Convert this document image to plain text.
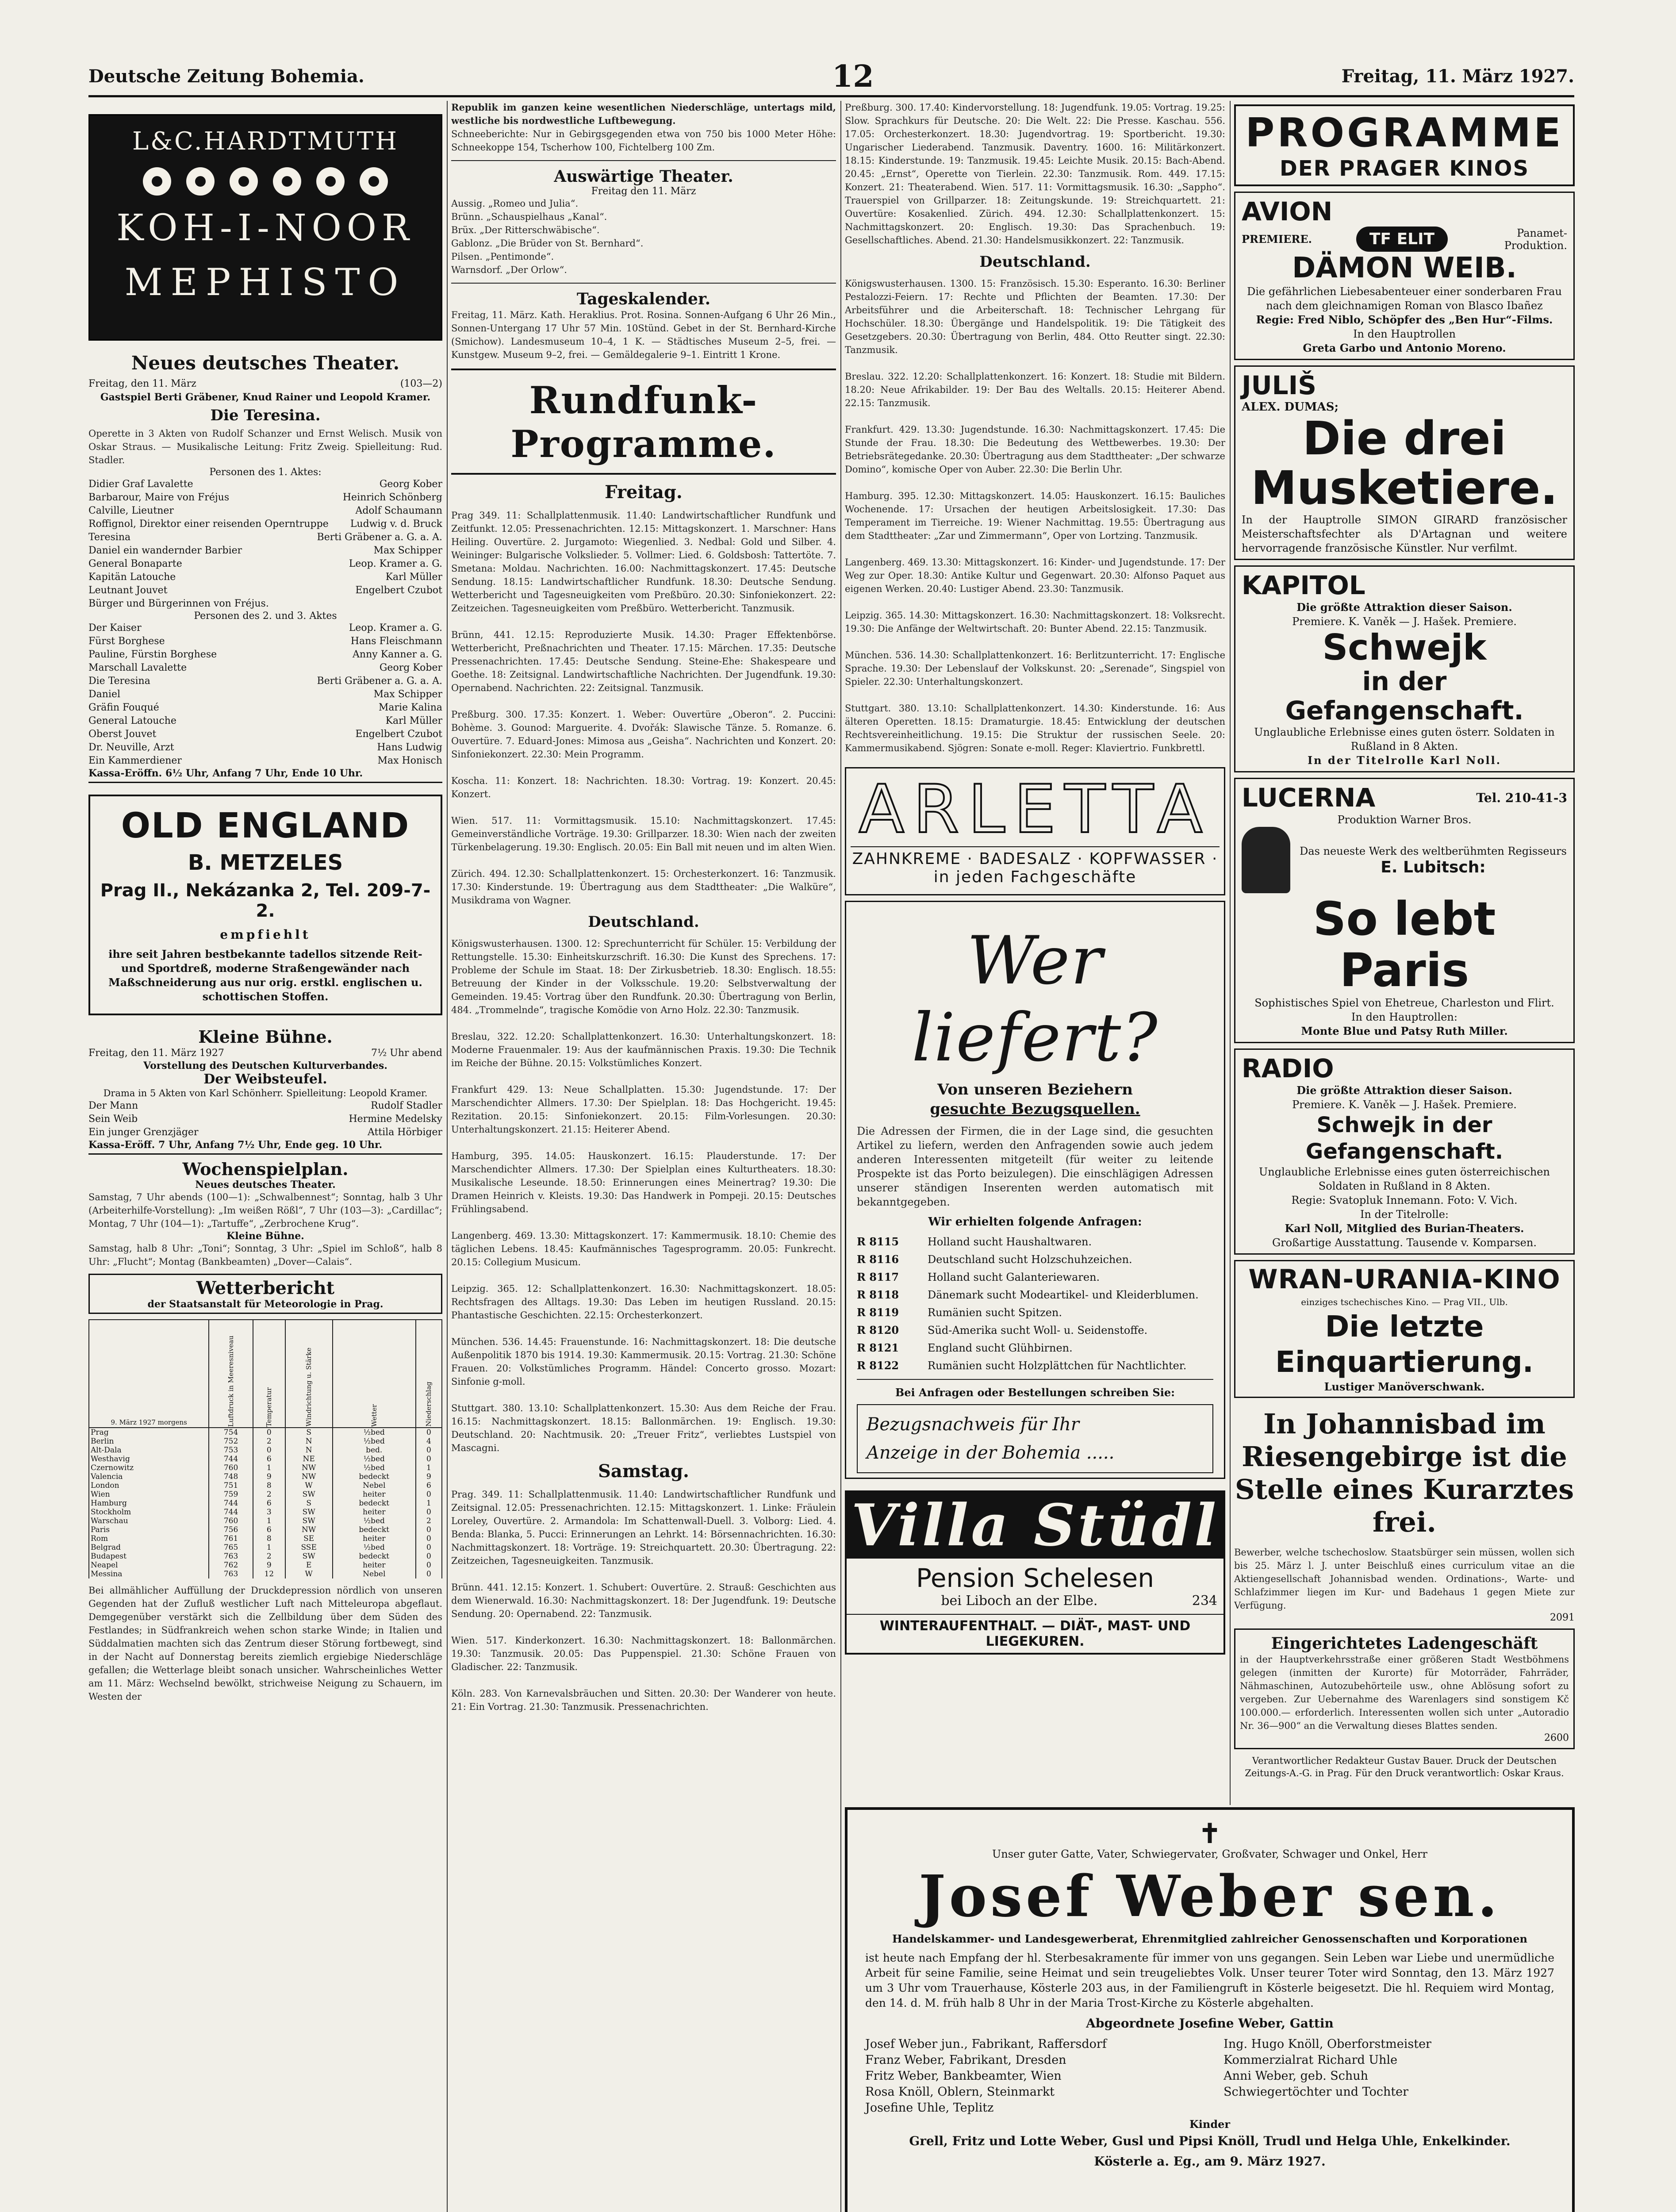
Deutsche Zeitung Bohemia.	12	Freitag, 11. März 1927.
L&C.HARDTMUTH
KOH-I-NOOR
MEPHISTO
Neues deutsches Theater.
Freitag, den 11. März	(103—2)
Gastspiel Berti Gräbener, Knud Rainer und Leopold Kramer.
Die Teresina.
Operette in 3 Akten von Rudolf Schanzer und Ernst Welisch. Musik von Oskar Straus. — Musikalische Leitung: Fritz Zweig. Spielleitung: Rud. Stadler.
Personen des 1. Aktes:
Didier Graf Lavalette	Georg Kober
Barbarour, Maire von Fréjus	Heinrich Schönberg
Calville, Lieutner	Adolf Schaumann
Roffignol, Direktor einer reisenden Operntruppe Ludwig v. d. Bruck
Teresina	Berti Gräbener a. G. a. A.
Daniel ein wandernder Barbier	Max Schipper
General Bonaparte	Leop. Kramer a. G.
Kapitän Latouche	Karl Müller
Leutnant Jouvet	Engelbert Czubot
Bürger und Bürgerinnen von Fréjus.
Personen des 2. und 3. Aktes
Der Kaiser	Leop. Kramer a. G.
Fürst Borghese	Hans Fleischmann
Pauline, Fürstin Borghese	Anny Kanner a. G.
Marschall Lavalette	Georg Kober
Die Teresina	Berti Gräbener a. G. a. A.
Daniel	Max Schipper
Gräfin Fouqué	Marie Kalina
General Latouche	Karl Müller
Oberst Jouvet	Engelbert Czubot
Dr. Neuville, Arzt	Hans Ludwig
Ein Kammerdiener	Max Honisch
Kassa-Eröffn. 6½ Uhr, Anfang 7 Uhr, Ende 10 Uhr.
OLD ENGLAND
B. METZELES
Prag II., Nekázanka 2, Tel. 209-7-2.
empfiehlt
ihre seit Jahren bestbekannte tadellos sitzende Reit- und Sportdreß, moderne Straßengewänder nach Maßschneiderung aus nur orig. erstkl. englischen u. schottischen Stoffen.
Kleine Bühne.
Freitag, den 11. März 1927	7½ Uhr abend
Vorstellung des Deutschen Kulturverbandes.
Der Weibsteufel.
Drama in 5 Akten von Karl Schönherr. Spielleitung: Leopold Kramer.
Der Mann	Rudolf Stadler
Sein Weib	Hermine Medelsky
Ein junger Grenzjäger	Attila Hörbiger
Kassa-Eröff. 7 Uhr, Anfang 7½ Uhr, Ende geg. 10 Uhr.
Wochenspielplan.
Neues deutsches Theater.
Samstag, 7 Uhr abends (100—1): „Schwalbennest“; Sonntag, halb 3 Uhr (Arbeiterhilfe-Vorstellung): „Im weißen Rößl“, 7 Uhr (103—3): „Cardillac“; Montag, 7 Uhr (104—1): „Tartuffe“, „Zerbrochene Krug“.
Kleine Bühne.
Samstag, halb 8 Uhr: „Toni“; Sonntag, 3 Uhr: „Spiel im Schloß“, halb 8 Uhr: „Flucht“; Montag (Bankbeamten) „Dover—Calais“.
Wetterbericht
der Staatsanstalt für Meteorologie in Prag.
9. März 1927 morgens	Luftdruck in Meeresniveau	Temperatur	Windrichtung u. Stärke	Wetter	Niederschlag

Prag	754	0	S	½bed	0
Berlin	752	2	N	½bed	4
Alt-Dala	753	0	N	bed.	0
Westhavig	744	6	NE	½bed	0
Czernowitz	760	1	NW	½bed	1
Valencia	748	9	NW	bedeckt	9
London	751	8	W	Nebel	6
Wien	759	2	SW	heiter	0
Hamburg	744	6	S	bedeckt	1
Stockholm	744	3	SW	heiter	0
Warschau	760	1	SW	½bed	2
Paris	756	6	NW	bedeckt	0
Rom	761	8	SE	heiter	0
Belgrad	765	1	SSE	½bed	0
Budapest	763	2	SW	bedeckt	0
Neapel	762	9	E	heiter	0
Messina	763	12	W	Nebel	0
Bei allmählicher Auffüllung der Druckdepression nördlich von unseren Gegenden hat der Zufluß westlicher Luft nach Mitteleuropa abgeflaut. Demgegenüber verstärkt sich die Zellbildung über dem Süden des Festlandes; in Südfrankreich wehen schon starke Winde; in Italien und Süddalmatien machten sich das Zentrum dieser Störung fortbewegt, sind in der Nacht auf Donnerstag bereits ziemlich ergiebige Niederschläge gefallen; die Wetterlage bleibt sonach unsicher. Wahrscheinliches Wetter am 11. März: Wechselnd bewölkt, strichweise Neigung zu Schauern, im Westen der
Republik im ganzen keine wesentlichen Niederschläge, untertags mild, westliche bis nordwestliche Luftbewegung.
Schneeberichte: Nur in Gebirgsgegenden etwa von 750 bis 1000 Meter Höhe: Schneekoppe 154, Tscherhow 100, Fichtelberg 100 Zm.
Auswärtige Theater.
Freitag den 11. März
Aussig. „Romeo und Julia“.
Brünn. „Schauspielhaus „Kanal“.
Brüx. „Der Ritterschwäbische“.
Gablonz. „Die Brüder von St. Bernhard“.
Pilsen. „Pentimonde“.
Warnsdorf. „Der Orlow“.
Tageskalender.
Freitag, 11. März. Kath. Heraklius. Prot. Rosina. Sonnen-Aufgang 6 Uhr 26 Min., Sonnen-Untergang 17 Uhr 57 Min. 10Stünd. Gebet in der St. Bernhard-Kirche (Smichow). Landesmuseum 10–4, 1 K. — Städtisches Museum 2–5, frei. — Kunstgew. Museum 9–2, frei. — Gemäldegalerie 9–1. Eintritt 1 Krone.
Rundfunk-Programme.
Freitag.
Prag 349. 11: Schallplattenmusik. 11.40: Landwirtschaftlicher Rundfunk und Zeitfunkt. 12.05: Pressenachrichten. 12.15: Mittagskonzert. 1. Marschner: Hans Heiling. Ouvertüre. 2. Jurgamoto: Wiegenlied. 3. Nedbal: Gold und Silber. 4. Weininger: Bulgarische Volkslieder. 5. Vollmer: Lied. 6. Goldsbosh: Tattertöte. 7. Smetana: Moldau. Nachrichten. 16.00: Nachmittagskonzert. 17.45: Deutsche Sendung. 18.15: Landwirtschaftlicher Rundfunk. 18.30: Deutsche Sendung. Wetterbericht und Tagesneuigkeiten vom Preßbüro. 20.30: Sinfoniekonzert. 22: Zeitzeichen. Tagesneuigkeiten vom Preßbüro. Wetterbericht. Tanzmusik.

Brünn, 441. 12.15: Reproduzierte Musik. 14.30: Prager Effektenbörse. Wetterbericht, Preßnachrichten und Theater. 17.15: Märchen. 17.35: Deutsche Pressenachrichten. 17.45: Deutsche Sendung. Steine-Ehe: Shakespeare und Goethe. 18: Zeitsignal. Landwirtschaftliche Nachrichten. Der Jugendfunk. 19.30: Opernabend. Nachrichten. 22: Zeitsignal. Tanzmusik.

Preßburg. 300. 17.35: Konzert. 1. Weber: Ouvertüre „Oberon“. 2. Puccini: Bohème. 3. Gounod: Marguerite. 4. Dvořák: Slawische Tänze. 5. Romanze. 6. Ouvertüre. 7. Eduard-Jones: Mimosa aus „Geisha“. Nachrichten und Konzert. 20: Sinfoniekonzert. 22.30: Mein Programm.

Koscha. 11: Konzert. 18: Nachrichten. 18.30: Vortrag. 19: Konzert. 20.45: Konzert.

Wien. 517. 11: Vormittagsmusik. 15.10: Nachmittagskonzert. 17.45: Gemeinverständliche Vorträge. 19.30: Grillparzer. 18.30: Wien nach der zweiten Türkenbelagerung. 19.30: Englisch. 20.05: Ein Ball mit neuen und im alten Wien.

Zürich. 494. 12.30: Schallplattenkonzert. 15: Orchesterkonzert. 16: Tanzmusik. 17.30: Kinderstunde. 19: Übertragung aus dem Stadttheater: „Die Walküre“, Musikdrama von Wagner.
Deutschland.
Königswusterhausen. 1300. 12: Sprechunterricht für Schüler. 15: Verbildung der Rettungstelle. 15.30: Einheitskurzschrift. 16.30: Die Kunst des Sprechens. 17: Probleme der Schule im Staat. 18: Der Zirkusbetrieb. 18.30: Englisch. 18.55: Betreuung der Kinder in der Volksschule. 19.20: Selbstverwaltung der Gemeinden. 19.45: Vortrag über den Rundfunk. 20.30: Übertragung von Berlin, 484. „Trommelnde“, tragische Komödie von Arno Holz. 22.30: Tanzmusik.

Breslau, 322. 12.20: Schallplattenkonzert. 16.30: Unterhaltungskonzert. 18: Moderne Frauenmaler. 19: Aus der kaufmännischen Praxis. 19.30: Die Technik im Reiche der Bühne. 20.15: Volkstümliches Konzert.

Frankfurt 429. 13: Neue Schallplatten. 15.30: Jugendstunde. 17: Der Marschendichter Allmers. 17.30: Der Spielplan. 18: Das Hochgericht. 19.45: Rezitation. 20.15: Sinfoniekonzert. 20.15: Film-Vorlesungen. 20.30: Unterhaltungskonzert. 21.15: Heiterer Abend.

Hamburg, 395. 14.05: Hauskonzert. 16.15: Plauderstunde. 17: Der Marschendichter Allmers. 17.30: Der Spielplan eines Kulturtheaters. 18.30: Musikalische Leseunde. 18.50: Erinnerungen eines Meinertrag? 19.30: Die Dramen Heinrich v. Kleists. 19.30: Das Handwerk in Pompeji. 20.15: Deutsches Frühlingsabend.

Langenberg. 469. 13.30: Mittagskonzert. 17: Kammermusik. 18.10: Chemie des täglichen Lebens. 18.45: Kaufmännisches Tagesprogramm. 20.05: Funkrecht. 20.15: Collegium Musicum.

Leipzig. 365. 12: Schallplattenkonzert. 16.30: Nachmittagskonzert. 18.05: Rechtsfragen des Alltags. 19.30: Das Leben im heutigen Russland. 20.15: Phantastische Geschichten. 22.15: Orchesterkonzert.

München. 536. 14.45: Frauenstunde. 16: Nachmittagskonzert. 18: Die deutsche Außenpolitik 1870 bis 1914. 19.30: Kammermusik. 20.15: Vortrag. 21.30: Schöne Frauen. 20: Volkstümliches Programm. Händel: Concerto grosso. Mozart: Sinfonie g-moll.

Stuttgart. 380. 13.10: Schallplattenkonzert. 15.30: Aus dem Reiche der Frau. 16.15: Nachmittagskonzert. 18.15: Ballonmärchen. 19: Englisch. 19.30: Deutschland. 20: Nachtmusik. 20: „Treuer Fritz“, verliebtes Lustspiel von Mascagni.
Samstag.
Prag. 349. 11: Schallplattenmusik. 11.40: Landwirtschaftlicher Rundfunk und Zeitsignal. 12.05: Pressenachrichten. 12.15: Mittagskonzert. 1. Linke: Fräulein Loreley, Ouvertüre. 2. Armandola: Im Schattenwall-Duell. 3. Volborg: Lied. 4. Benda: Blanka, 5. Pucci: Erinnerungen an Lehrkt. 14: Börsennachrichten. 16.30: Nachmittagskonzert. 18: Vorträge. 19: Streichquartett. 20.30: Übertragung. 22: Zeitzeichen, Tagesneuigkeiten. Tanzmusik.

Brünn. 441. 12.15: Konzert. 1. Schubert: Ouvertüre. 2. Strauß: Geschichten aus dem Wienerwald. 16.30: Nachmittagskonzert. 18: Der Jugendfunk. 19: Deutsche Sendung. 20: Opernabend. 22: Tanzmusik.

Wien. 517. Kinderkonzert. 16.30: Nachmittagskonzert. 18: Ballonmärchen. 19.30: Tanzmusik. 20.05: Das Puppenspiel. 21.30: Schöne Frauen von Gladischer. 22: Tanzmusik.

Köln. 283. Von Karnevalsbräuchen und Sitten. 20.30: Der Wanderer von heute. 21: Ein Vortrag. 21.30: Tanzmusik. Pressenachrichten.
Preßburg. 300. 17.40: Kindervorstellung. 18: Jugendfunk. 19.05: Vortrag. 19.25: Slow. Sprachkurs für Deutsche. 20: Die Welt. 22: Die Presse. Kaschau. 556. 17.05: Orchesterkonzert. 18.30: Jugendvortrag. 19: Sportbericht. 19.30: Ungarischer Liederabend. Tanzmusik. Daventry. 1600. 16: Militärkonzert. 18.15: Kinderstunde. 19: Tanzmusik. 19.45: Leichte Musik. 20.15: Bach-Abend. 20.45: „Ernst“, Operette von Tierlein. 22.30: Tanzmusik. Rom. 449. 17.15: Konzert. 21: Theaterabend. Wien. 517. 11: Vormittagsmusik. 16.30: „Sappho“. Trauerspiel von Grillparzer. 18: Zeitungskunde. 19: Streichquartett. 21: Ouvertüre: Kosakenlied. Zürich. 494. 12.30: Schallplattenkonzert. 15: Nachmittagskonzert. 20: Englisch. 19.30: Das Sprachenbuch. 19: Gesellschaftliches. Abend. 21.30: Handelsmusikkonzert. 22: Tanzmusik.
Deutschland.
Königswusterhausen. 1300. 15: Französisch. 15.30: Esperanto. 16.30: Berliner Pestalozzi-Feiern. 17: Rechte und Pflichten der Beamten. 17.30: Der Arbeitsführer und die Arbeiterschaft. 18: Technischer Lehrgang für Hochschüler. 18.30: Übergänge und Handelspolitik. 19: Die Tätigkeit des Gesetzgebers. 20.30: Übertragung von Berlin, 484. Otto Reutter singt. 22.30: Tanzmusik.

Breslau. 322. 12.20: Schallplattenkonzert. 16: Konzert. 18: Studie mit Bildern. 18.20: Neue Afrikabilder. 19: Der Bau des Weltalls. 20.15: Heiterer Abend. 22.15: Tanzmusik.

Frankfurt. 429. 13.30: Jugendstunde. 16.30: Nachmittagskonzert. 17.45: Die Stunde der Frau. 18.30: Die Bedeutung des Wettbewerbes. 19.30: Der Betriebsrätegedanke. 20.30: Übertragung aus dem Stadttheater: „Der schwarze Domino“, komische Oper von Auber. 22.30: Die Berlin Uhr.

Hamburg. 395. 12.30: Mittagskonzert. 14.05: Hauskonzert. 16.15: Bauliches Wochenende. 17: Ursachen der heutigen Arbeitslosigkeit. 17.30: Das Temperament im Tierreiche. 19: Wiener Nachmittag. 19.55: Übertragung aus dem Stadttheater: „Zar und Zimmermann“, Oper von Lortzing. Tanzmusik.

Langenberg. 469. 13.30: Mittagskonzert. 16: Kinder- und Jugendstunde. 17: Der Weg zur Oper. 18.30: Antike Kultur und Gegenwart. 20.30: Alfonso Paquet aus eigenen Werken. 20.40: Lustiger Abend. 23.30: Tanzmusik.

Leipzig. 365. 14.30: Mittagskonzert. 16.30: Nachmittagskonzert. 18: Volksrecht. 19.30: Die Anfänge der Weltwirtschaft. 20: Bunter Abend. 22.15: Tanzmusik.

München. 536. 14.30: Schallplattenkonzert. 16: Berlitzunterricht. 17: Englische Sprache. 19.30: Der Lebenslauf der Volkskunst. 20: „Serenade“, Singspiel von Spieler. 22.30: Unterhaltungskonzert.

Stuttgart. 380. 13.10: Schallplattenkonzert. 14.30: Kinderstunde. 16: Aus älteren Operetten. 18.15: Dramaturgie. 18.45: Entwicklung der deutschen Rechtsvereinheitlichung. 19.15: Die Struktur der russischen Seele. 20: Kammermusikabend. Sjögren: Sonate e-moll. Reger: Klaviertrio. Funkbrettl.
ARLETTA
ZAHNKREME · BADESALZ · KOPFWASSER · in jeden Fachgeschäfte
Wer liefert?
Von unseren Beziehern
gesuchte Bezugsquellen.
Die Adressen der Firmen, die in der Lage sind, die gesuchten Artikel zu liefern, werden den Anfragenden sowie auch jedem anderen Interessenten mitgeteilt (für weiter zu leitende Prospekte ist das Porto beizulegen). Die einschlägigen Adressen unserer ständigen Inserenten werden automatisch mit bekanntgegeben.
Wir erhielten folgende Anfragen:
R 8115	Holland sucht Haushaltwaren.
R 8116	Deutschland sucht Holzschuhzeichen.
R 8117	Holland sucht Galanteriewaren.
R 8118	Dänemark sucht Modeartikel- und Kleiderblumen.
R 8119	Rumänien sucht Spitzen.
R 8120	Süd-Amerika sucht Woll- u. Seidenstoffe.
R 8121	England sucht Glühbirnen.
R 8122	Rumänien sucht Holzplättchen für Nachtlichter.
Bei Anfragen oder Bestellungen schreiben Sie:
Bezugsnachweis für Ihr
Anzeige in der Bohemia .....
Villa Stüdl
Pension Schelesen
bei Liboch an der Elbe.	234
WINTERAUFENTHALT. — DIÄT-, MAST- UND LIEGEKUREN.
PROGRAMME
DER PRAGER KINOS
AVION
PREMIERE.	TF ELIT	Panamet-Produktion.
DÄMON WEIB.
Die gefährlichen Liebesabenteuer einer sonderbaren Frau nach dem gleichnamigen Roman von Blasco Ibañez
Regie: Fred Niblo, Schöpfer des „Ben Hur“-Films.
In den Hauptrollen
Greta Garbo und Antonio Moreno.
JULIŠ
ALEX. DUMAS;
Die drei
Musketiere.
In der Hauptrolle SIMON GIRARD französischer Meisterschaftsfechter als D'Artagnan und weitere hervorragende französische Künstler. Nur verfilmt.
KAPITOL
Die größte Attraktion dieser Saison.
Premiere. K. Vaněk — J. Hašek. Premiere.
Schwejk
in der Gefangenschaft.
Unglaubliche Erlebnisse eines guten österr. Soldaten in Rußland in 8 Akten.
In der Titelrolle Karl Noll.
LUCERNA	Tel. 210-41-3
Produktion Warner Bros.
Das neueste Werk des weltberühmten Regisseurs
E. Lubitsch:
So lebt Paris
Sophistisches Spiel von Ehetreue, Charleston und Flirt.
In den Hauptrollen:
Monte Blue und Patsy Ruth Miller.
RADIO
Die größte Attraktion dieser Saison.
Premiere. K. Vaněk — J. Hašek. Premiere.
Schwejk in der Gefangenschaft.
Unglaubliche Erlebnisse eines guten österreichischen Soldaten in Rußland in 8 Akten.
Regie: Svatopluk Innemann. Foto: V. Vich.
In der Titelrolle:
Karl Noll, Mitglied des Burian-Theaters.
Großartige Ausstattung. Tausende v. Komparsen.
WRAN-URANIA-KINO
einziges tschechisches Kino. — Prag VII., Ulb.
Die letzte Einquartierung.
Lustiger Manöverschwank.
In Johannisbad im Riesengebirge ist die Stelle eines Kurarztes frei.
Bewerber, welche tschechoslow. Staatsbürger sein müssen, wollen sich bis 25. März l. J. unter Beischluß eines curriculum vitae an die Aktiengesellschaft Johannisbad wenden. Ordinations-, Warte- und Schlafzimmer liegen im Kur- und Badehaus 1 gegen Miete zur Verfügung.
2091
Eingerichtetes Ladengeschäft
in der Hauptverkehrsstraße einer größeren Stadt Westböhmens gelegen (inmitten der Kurorte) für Motorräder, Fahrräder, Nähmaschinen, Autozubehörteile usw., ohne Ablösung sofort zu vergeben. Zur Uebernahme des Warenlagers sind sonstigem Kč 100.000.— erforderlich. Interessenten wollen sich unter „Autoradio Nr. 36—900“ an die Verwaltung dieses Blattes senden.
2600
Verantwortlicher Redakteur Gustav Bauer. Druck der Deutschen Zeitungs-A.-G. in Prag. Für den Druck verantwortlich: Oskar Kraus.
✝
Unser guter Gatte, Vater, Schwiegervater, Großvater, Schwager und Onkel, Herr
Josef Weber sen.
Handelskammer- und Landesgewerberat, Ehrenmitglied zahlreicher Genossenschaften und Korporationen
ist heute nach Empfang der hl. Sterbesakramente für immer von uns gegangen. Sein Leben war Liebe und unermüdliche Arbeit für seine Familie, seine Heimat und sein treugeliebtes Volk. Unser teurer Toter wird Sonntag, den 13. März 1927 um 3 Uhr vom Trauerhause, Kösterle 203 aus, in der Familiengruft in Kösterle beigesetzt. Die hl. Requiem wird Montag, den 14. d. M. früh halb 8 Uhr in der Maria Trost-Kirche zu Kösterle abgehalten.
Abgeordnete Josefine Weber, Gattin
Josef Weber jun., Fabrikant, Raffersdorf
Franz Weber, Fabrikant, Dresden
Fritz Weber, Bankbeamter, Wien
Rosa Knöll, Oblern, Steinmarkt
Josefine Uhle, Teplitz
Ing. Hugo Knöll, Oberforstmeister
Kommerzialrat Richard Uhle
Anni Weber, geb. Schuh
Schwiegertöchter und Tochter
Kinder
Grell, Fritz und Lotte Weber, Gusl und Pipsi Knöll, Trudl und Helga Uhle, Enkelkinder.
Kösterle a. Eg., am 9. März 1927.
